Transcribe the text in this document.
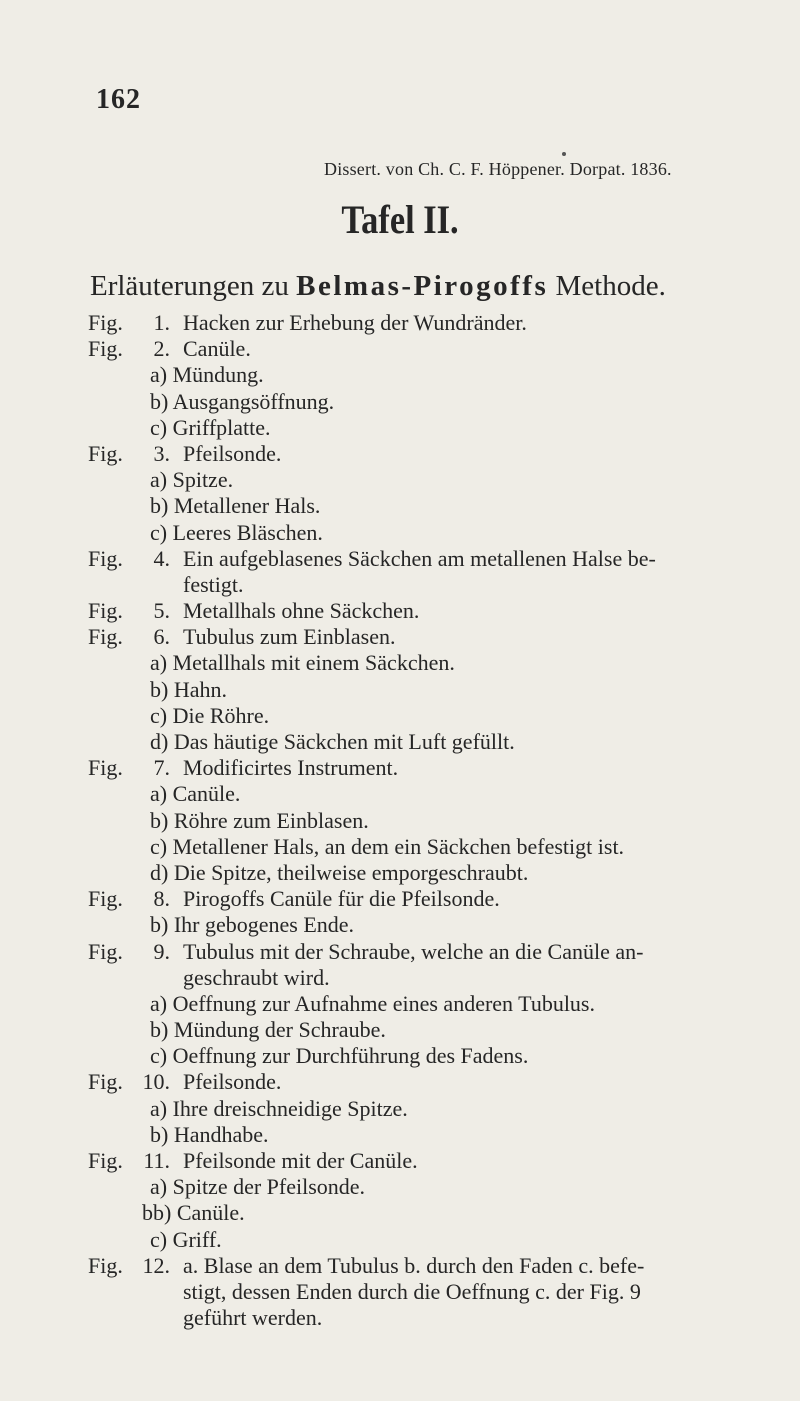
162
Dissert. von Ch. C. F. Höppener. Dorpat. 1836.
Tafel II.
Erläuterungen zu Belmas-Pirogoffs Methode.
Fig.	1. Hacken zur Erhebung der Wundränder.
Fig.	2. Canüle.
a) Mündung.
b) Ausgangsöffnung.
c) Griffplatte.
Fig.	3. Pfeilsonde.
a) Spitze.
b) Metallener Hals.
c) Leeres Bläschen.
Fig.	4. Ein aufgeblasenes Säckchen am metallenen Halse be-
festigt.
Fig.	5. Metallhals ohne Säckchen.
Fig.	6. Tubulus zum Einblasen.
a) Metallhals mit einem Säckchen.
b) Hahn.
c) Die Röhre.
d) Das häutige Säckchen mit Luft gefüllt.
Fig.	7. Modificirtes Instrument.
a) Canüle.
b) Röhre zum Einblasen.
c) Metallener Hals, an dem ein Säckchen befestigt ist.
d) Die Spitze, theilweise emporgeschraubt.
Fig.	8. Pirogoffs Canüle für die Pfeilsonde.
b) Ihr gebogenes Ende.
Fig.	9. Tubulus mit der Schraube, welche an die Canüle an-
geschraubt wird.
a) Oeffnung zur Aufnahme eines anderen Tubulus.
b) Mündung der Schraube.
c) Oeffnung zur Durchführung des Fadens.
Fig. 10. Pfeilsonde.
a) Ihre dreischneidige Spitze.
b) Handhabe.
Fig. 11. Pfeilsonde mit der Canüle.
a) Spitze der Pfeilsonde.
bb) Canüle.
c) Griff.
Fig. 12. a. Blase an dem Tubulus b. durch den Faden c. befe-
stigt, dessen Enden durch die Oeffnung c. der Fig. 9
geführt werden.
